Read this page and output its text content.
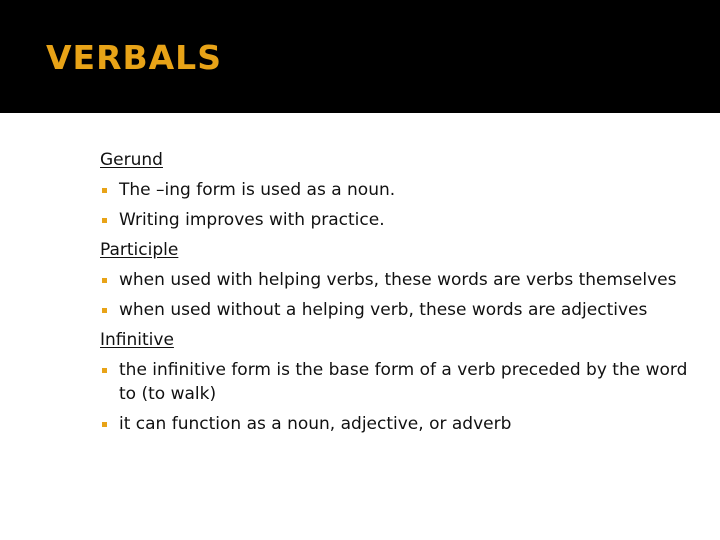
VERBALS
Gerund
The –ing form is used as a noun.
Writing improves with practice.
Participle
when used with helping verbs, these words are verbs themselves
when used without a helping verb, these words are adjectives
Infinitive
the infinitive form is the base form of a verb preceded by the word to (to walk)
it can function as a noun, adjective, or adverb
